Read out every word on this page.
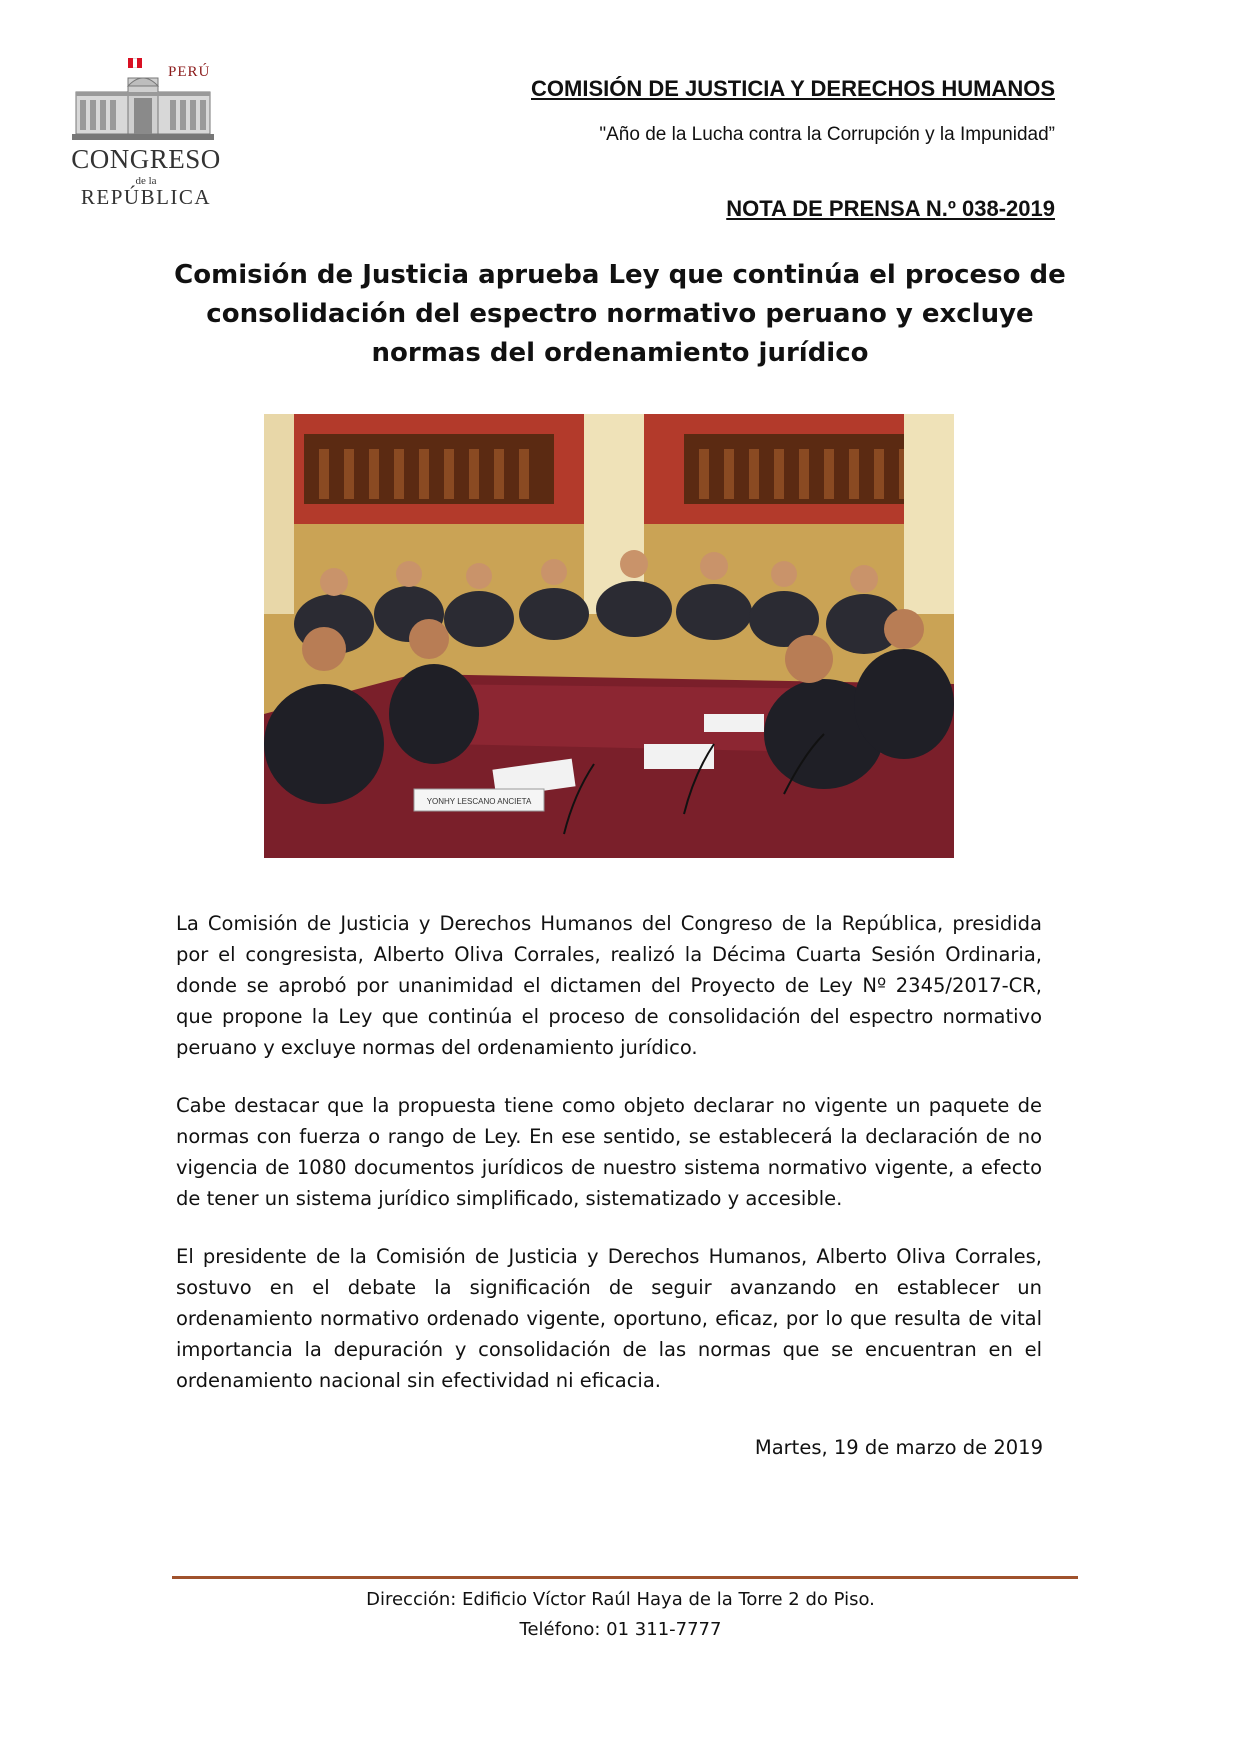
PERÚ
CONGRESO
de la
REPÚBLICA
COMISIÓN DE JUSTICIA Y DERECHOS HUMANOS
"Año de la Lucha contra la Corrupción y la Impunidad”
NOTA DE PRENSA N.º 038-2019
Comisión de Justicia aprueba Ley que continúa el proceso de consolidación del espectro normativo peruano y excluye normas del ordenamiento jurídico
YONHY LESCANO ANCIETA

La Comisión de Justicia y Derechos Humanos del Congreso de la República, presidida por el congresista, Alberto Oliva Corrales, realizó la Décima Cuarta Sesión Ordinaria, donde se aprobó por unanimidad el dictamen del Proyecto de Ley Nº 2345/2017-CR, que propone la Ley que continúa el proceso de consolidación del espectro normativo peruano y excluye normas del ordenamiento jurídico.

Cabe destacar que la propuesta tiene como objeto declarar no vigente un paquete de normas con fuerza o rango de Ley. En ese sentido, se establecerá la declaración de no vigencia de 1080 documentos jurídicos de nuestro sistema normativo vigente, a efecto de tener un sistema jurídico simplificado, sistematizado y accesible.

El presidente de la Comisión de Justicia y Derechos Humanos, Alberto Oliva Corrales, sostuvo en el debate la significación de seguir avanzando en establecer un ordenamiento normativo ordenado vigente, oportuno, eficaz, por lo que resulta de vital importancia la depuración y consolidación de las normas que se encuentran en el ordenamiento nacional sin efectividad ni eficacia.

Martes, 19 de marzo de 2019
Dirección: Edificio Víctor Raúl Haya de la Torre 2 do Piso.
Teléfono: 01 311-7777
